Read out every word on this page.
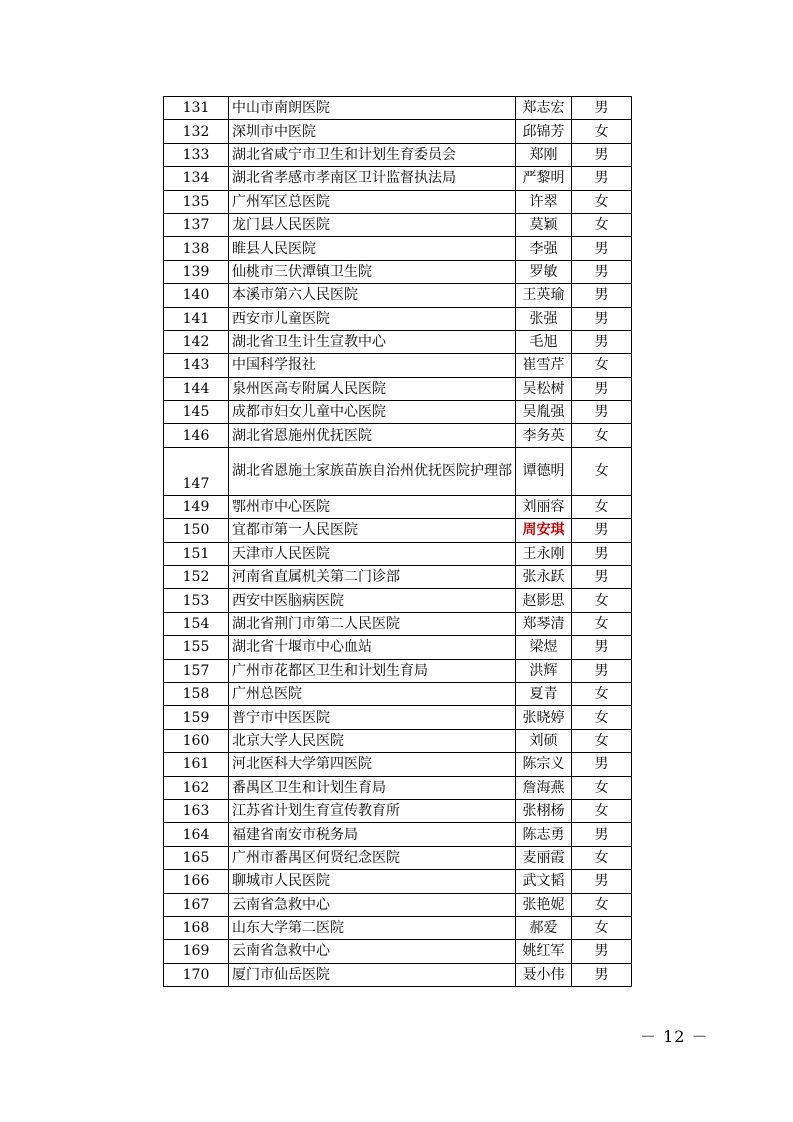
131	中山市南朗医院	郑志宏	男
132	深圳市中医院	邱锦芳	女
133	湖北省咸宁市卫生和计划生育委员会	郑刚	男
134	湖北省孝感市孝南区卫计监督执法局	严黎明	男
135	广州军区总医院	许翠	女
137	龙门县人民医院	莫颖	女
138	睢县人民医院	李强	男
139	仙桃市三伏潭镇卫生院	罗敏	男
140	本溪市第六人民医院	王英瑜	男
141	西安市儿童医院	张强	男
142	湖北省卫生计生宣教中心	毛旭	男
143	中国科学报社	崔雪芹	女
144	泉州医高专附属人民医院	吴松树	男
145	成都市妇女儿童中心医院	吴胤强	男
146	湖北省恩施州优抚医院	李务英	女
147	湖北省恩施土家族苗族自治州优抚医院护理部	谭德明	女
149	鄂州市中心医院	刘丽容	女
150	宜都市第一人民医院	周安琪	男
151	天津市人民医院	王永刚	男
152	河南省直属机关第二门诊部	张永跃	男
153	西安中医脑病医院	赵影思	女
154	湖北省荆门市第二人民医院	郑琴清	女
155	湖北省十堰市中心血站	梁煜	男
157	广州市花都区卫生和计划生育局	洪辉	男
158	广州总医院	夏青	女
159	普宁市中医医院	张晓婷	女
160	北京大学人民医院	刘硕	女
161	河北医科大学第四医院	陈宗义	男
162	番禺区卫生和计划生育局	詹海燕	女
163	江苏省计划生育宣传教育所	张栩杨	女
164	福建省南安市税务局	陈志勇	男
165	广州市番禺区何贤纪念医院	麦丽霞	女
166	聊城市人民医院	武文韬	男
167	云南省急救中心	张艳妮	女
168	山东大学第二医院	郝爱	女
169	云南省急救中心	姚红军	男
170	厦门市仙岳医院	聂小伟	男
－ 12 －
